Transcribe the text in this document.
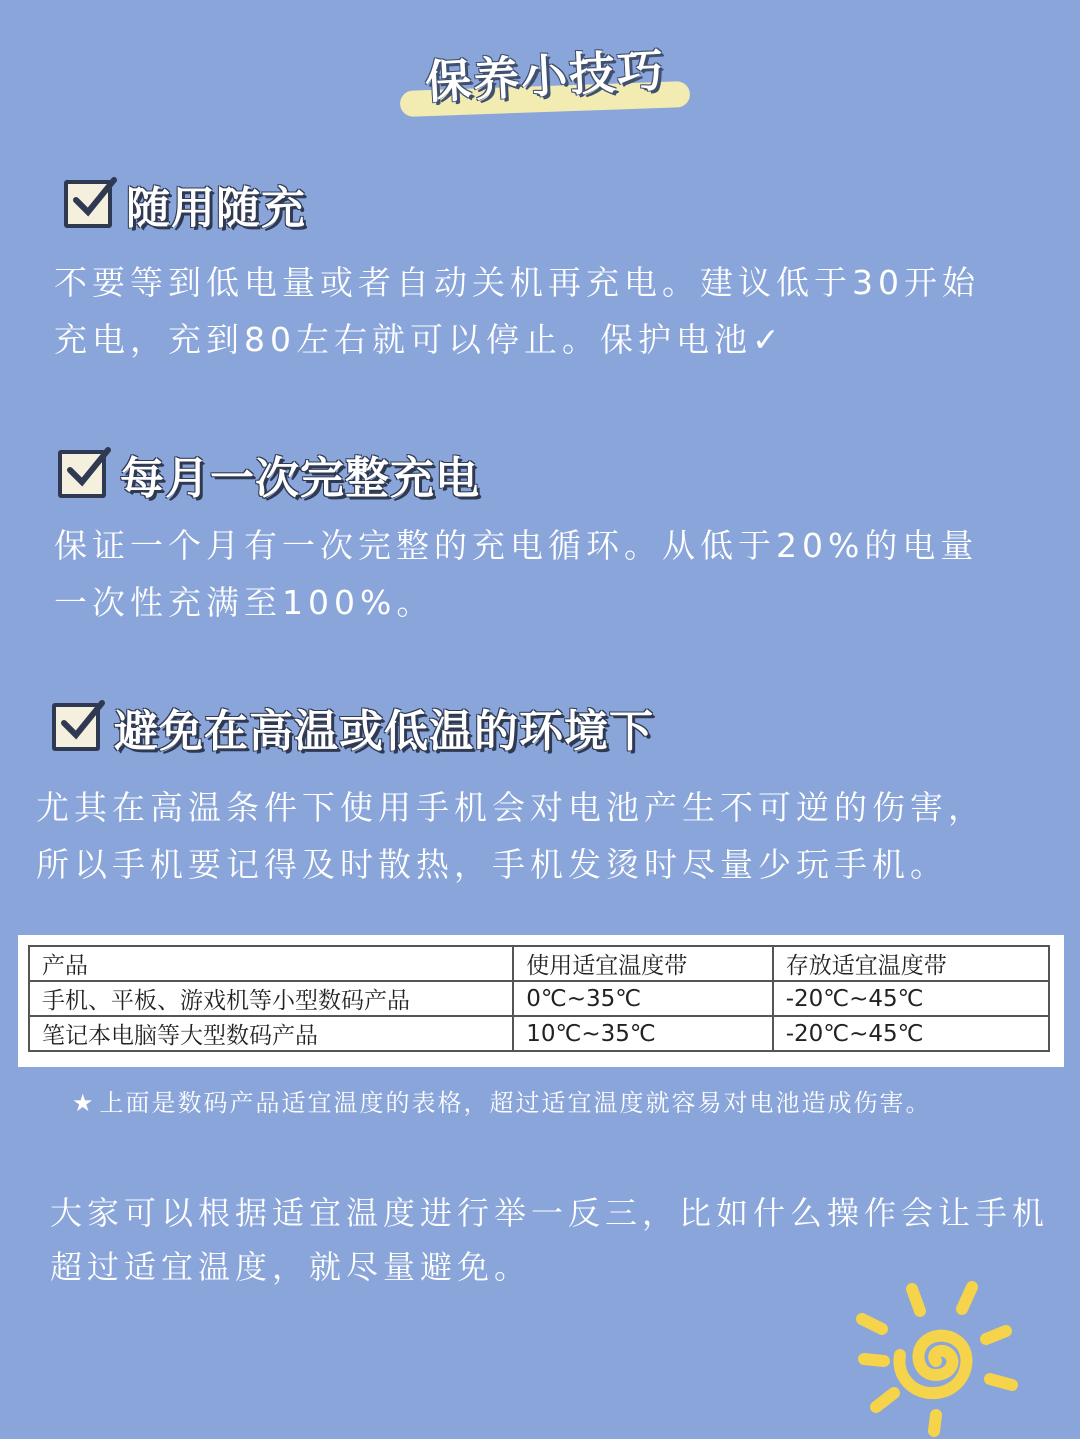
保养小技巧
随用随充
不要等到低电量或者自动关机再充电。建议低于30开始
充电，充到80左右就可以停止。保护电池✓
每月一次完整充电
保证一个月有一次完整的充电循环。从低于20%的电量
一次性充满至100%。
避免在高温或低温的环境下
尤其在高温条件下使用手机会对电池产生不可逆的伤害，
所以手机要记得及时散热，手机发烫时尽量少玩手机。
产品	使用适宜温度带	存放适宜温度带
手机、平板、游戏机等小型数码产品	0℃~35℃	-20℃~45℃
笔记本电脑等大型数码产品	10℃~35℃	-20℃~45℃
★ 上面是数码产品适宜温度的表格，超过适宜温度就容易对电池造成伤害。
大家可以根据适宜温度进行举一反三，比如什么操作会让手机
超过适宜温度，就尽量避免。
